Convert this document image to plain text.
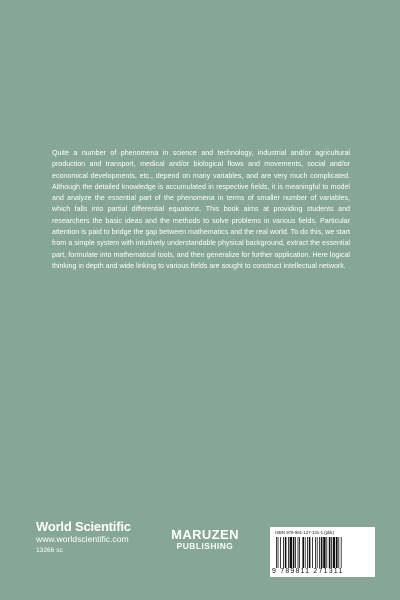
Quite a number of phenomena in science and technology, industrial and/or agricultural production and transport, medical and/or biological flows and movements, social and/or economical developments, etc., depend on many variables, and are very much complicated. Although the detailed knowledge is accumulated in respective fields, it is meaningful to model and analyze the essential part of the phenomena in terms of smaller number of variables, which falls into partial differential equations. This book aims at providing students and researchers the basic ideas and the methods to solve problems in various fields. Particular attention is paid to bridge the gap between mathematics and the real world. To do this, we start from a simple system with intuitively understandable physical background, extract the essential part, formulate into mathematical tools, and then generalize for further application. Here logical thinking in depth and wide linking to various fields are sought to construct intellectual network.

World Scientific
www.worldscientific.com
13266 sc
MARUZEN
PUBLISHING
ISBN 978-981-127-131-1 (pbk)
9 789811 271311
